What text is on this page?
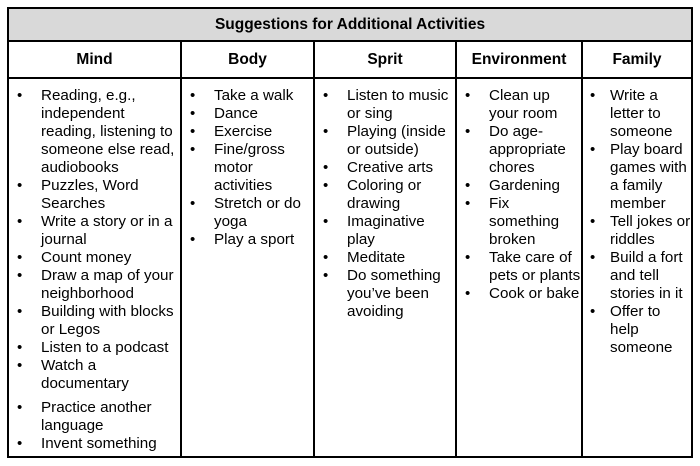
Suggestions for Additional Activities
Mind
• Reading, e.g., independent reading, listening to someone else read, audiobooks
• Puzzles, Word Searches
• Write a story or in a journal
• Count money
• Draw a map of your neighborhood
• Building with blocks or Legos
• Listen to a podcast
• Watch a documentary
• Practice another language
• Invent something
Body
• Take a walk
• Dance
• Exercise
• Fine/gross motor activities
• Stretch or do yoga
• Play a sport
Sprit
• Listen to music or sing
• Playing (inside or outside)
• Creative arts
• Coloring or drawing
• Imaginative play
• Meditate
• Do something you’ve been avoiding
Environment
• Clean up your room
• Do age-appropriate chores
• Gardening
• Fix something broken
• Take care of pets or plants
• Cook or bake
Family
• Write a letter to someone
• Play board games with a family member
• Tell jokes or riddles
• Build a fort and tell stories in it
• Offer to help someone
